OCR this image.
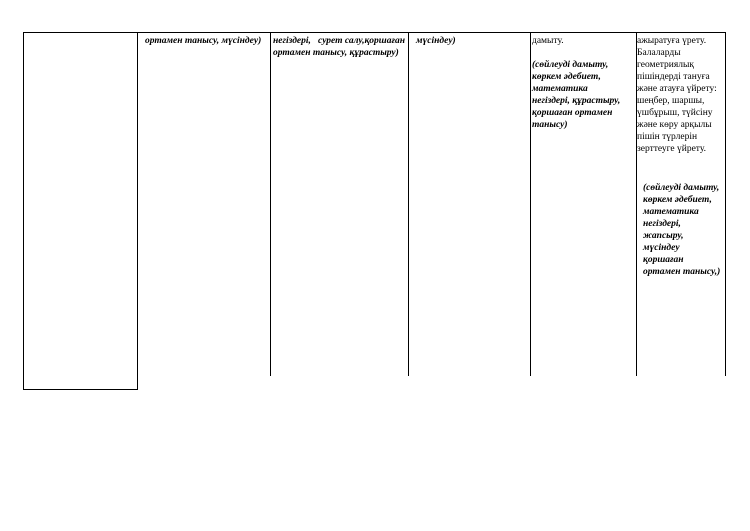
ортамен танысу, мүсіндеу)	негіздері,   сурет салу,қоршаған ортамен танысу, құрастыру)
мүсіндеу)	дамыту.
(сөйлеуді дамыту, көркем әдебиет, математика негіздері, құрастыру, қоршаған ортамен танысу)
ажыратуға үрету. Балаларды геометриялық пішіндерді тануға және атауға үйрету: шеңбер, шаршы, үшбұрыш, түйсіну және көру арқылы пішін түрлерін зерттеуге үйрету.
(сөйлеуді дамыту, көркем әдебиет, математика негіздері, жапсыру, мүсіндеу қоршаған ортамен танысу,)
